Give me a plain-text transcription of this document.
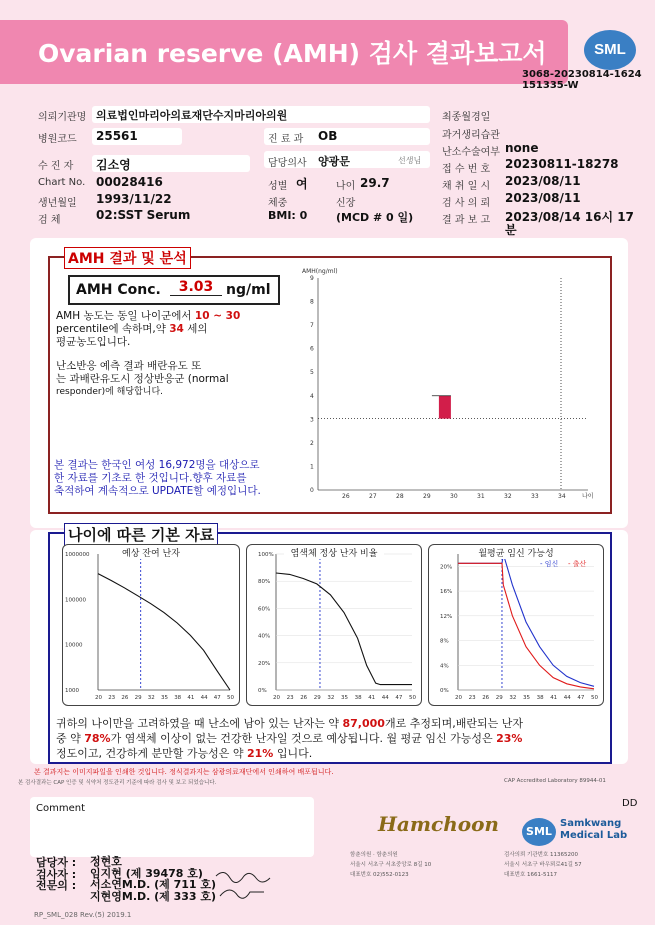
Ovarian reserve (AMH) 검사 결과보고서	SML
3068-20230814-1624
151335-W
의뢰기관명 의료법인마리아의료재단수지마리아의원
병원코드 25561	진 료 과 OB
수 진 자 김소영	담당의사 양광문	선생님
Chart No. 00028416	성별 여	나이 29.7
생년월일 1993/11/22	체중	신장
검 체	02:SST Serum	BMI: 0	(MCD # 0 일)
최종월경일
과거생리습관
난소수술여부 none
접 수 번 호 20230811-18278
채 취 일 시 2023/08/11
검 사 의 뢰 2023/08/11
결 과 보 고 2023/08/14 16시 17
분
AMH 결과 및 분석
AMH Conc.	3.03 ng/ml
AMH 농도는 동일 나이군에서 10 ~ 30
percentile에 속하며,약 34 세의
평균농도입니다.
난소반응 예측 결과 배란유도 또
는 과배란유도시 정상반응군 (normal
responder)에 해당합니다.
본 결과는 한국인 여성 16,972명을 대상으로
한 자료를 기초로 한 것입니다.향후 자료를
축적하여 계속적으로 UPDATE할 예정입니다.
AMH(ng/ml)
0
1
2
3
4
5
6
7
8
9
26	27	28	29	30	31	32	33	34	나이
나이에 따른 기본 자료
20 23 26 29 32 35 38 41 44 47 50
1000000
100000
10000
1000
예상 잔여 난자
20 23 26 29 32 35 38 41 44 47 50
100%
80%
60%
40%
20%
0%
염색체 정상 난자 비율
20 23 26 29 32 35 38 41 44 47 50
20%
16%
12%
8%
4%
0%
월평균 임신 가능성
- 임신 - 출산
귀하의 나이만을 고려하였을 때 난소에 남아 있는 난자는 약 87,000개로 추정되며,배란되는 난자
중 약 78%가 염색체 이상이 없는 건강한 난자일 것으로 예상됩니다. 월 평균 임신 가능성은 23%
정도이고, 건강하게 분만할 가능성은 약 21% 입니다.
본 결과지는 이미지파일을 인쇄한 것입니다. 정식결과지는 삼광의료재단에서 인쇄하여 배포됩니다.
본 검사결과는 CAP 인증 및 식약처 정도관리 기준에 따라 검사 및 보고 되었습니다.	CAP Accredited Laboratory 89944-01
Comment	DD
담당자 : 정현호
검사자 : 임지현 (제 39478 호)
전문의 : 서소연M.D. (제 711 호)
지현영M.D. (제 333 호)
Hamchoon
함춘의원 · 함춘의원
서울시 서초구 서초중앙로 8길 10
대표번호 02)552-0123
SML
Samkwang
Medical Lab
검사의뢰 기관번호 11365200
서울시 서초구 바우뫼로41길 57
대표번호 1661-5117
RP_SML_028 Rev.(5) 2019.1
